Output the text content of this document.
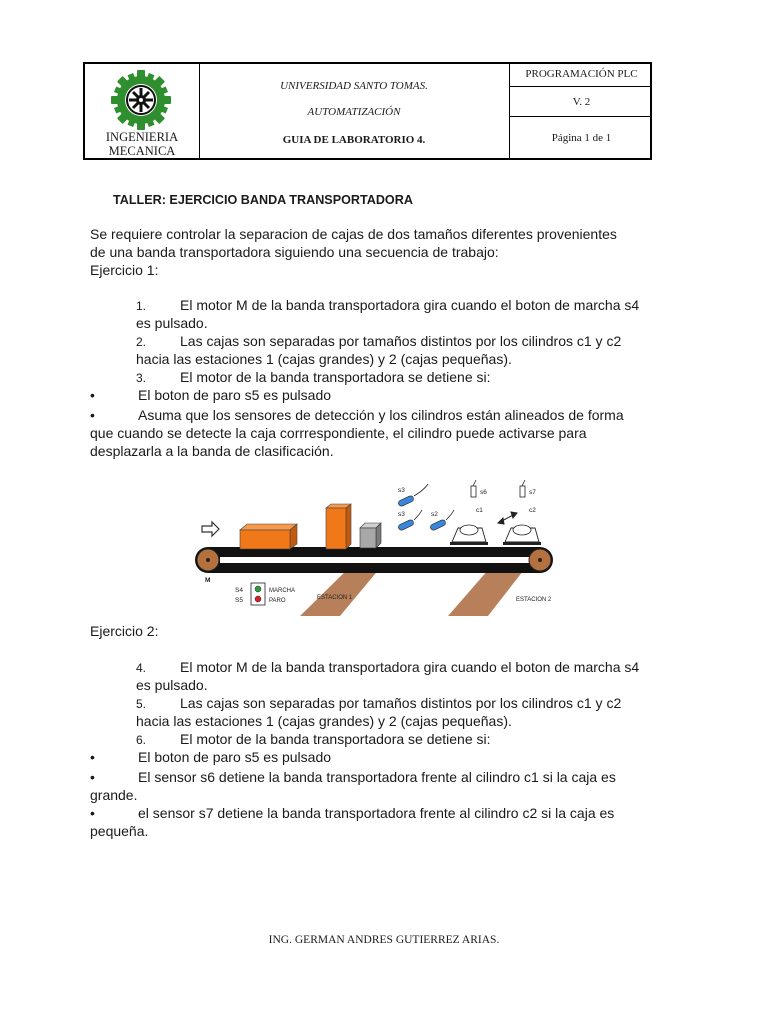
INGENIERIA
MECANICA
UNIVERSIDAD SANTO TOMAS.
AUTOMATIZACIÓN
GUIA DE LABORATORIO 4.
PROGRAMACIÓN PLC
V. 2
Página 1 de 1
TALLER: EJERCICIO BANDA TRANSPORTADORA
Se requiere controlar la separacion de cajas de dos tamaños diferentes provenientes
de una banda transportadora siguiendo una secuencia de trabajo:
Ejercicio 1:
1. El motor M de la banda transportadora gira cuando el boton de marcha s4
es pulsado.
2. Las cajas son separadas por tamaños distintos por los cilindros c1 y c2
hacia las estaciones 1 (cajas grandes) y 2 (cajas pequeñas).
3. El motor de la banda transportadora se detiene si:
•	El boton de paro s5 es pulsado
•	Asuma que los sensores de detección y los cilindros están alineados de forma
que cuando se detecte la caja corrrespondiente, el cilindro puede activarse para
desplazarla a la banda de clasificación.
s3
s3	s2
s6	s7
c1	c2
M
S4
S5
MARCHA
PARO	ESTACION 1	ESTACION 2
Ejercicio 2:
4. El motor M de la banda transportadora gira cuando el boton de marcha s4
es pulsado.
5. Las cajas son separadas por tamaños distintos por los cilindros c1 y c2
hacia las estaciones 1 (cajas grandes) y 2 (cajas pequeñas).
6. El motor de la banda transportadora se detiene si:
•	El boton de paro s5 es pulsado
•	El sensor s6 detiene la banda transportadora frente al cilindro c1 si la caja es
grande.
•	el sensor s7 detiene la banda transportadora frente al cilindro c2 si la caja es
pequeña.
ING. GERMAN ANDRES GUTIERREZ ARIAS.
